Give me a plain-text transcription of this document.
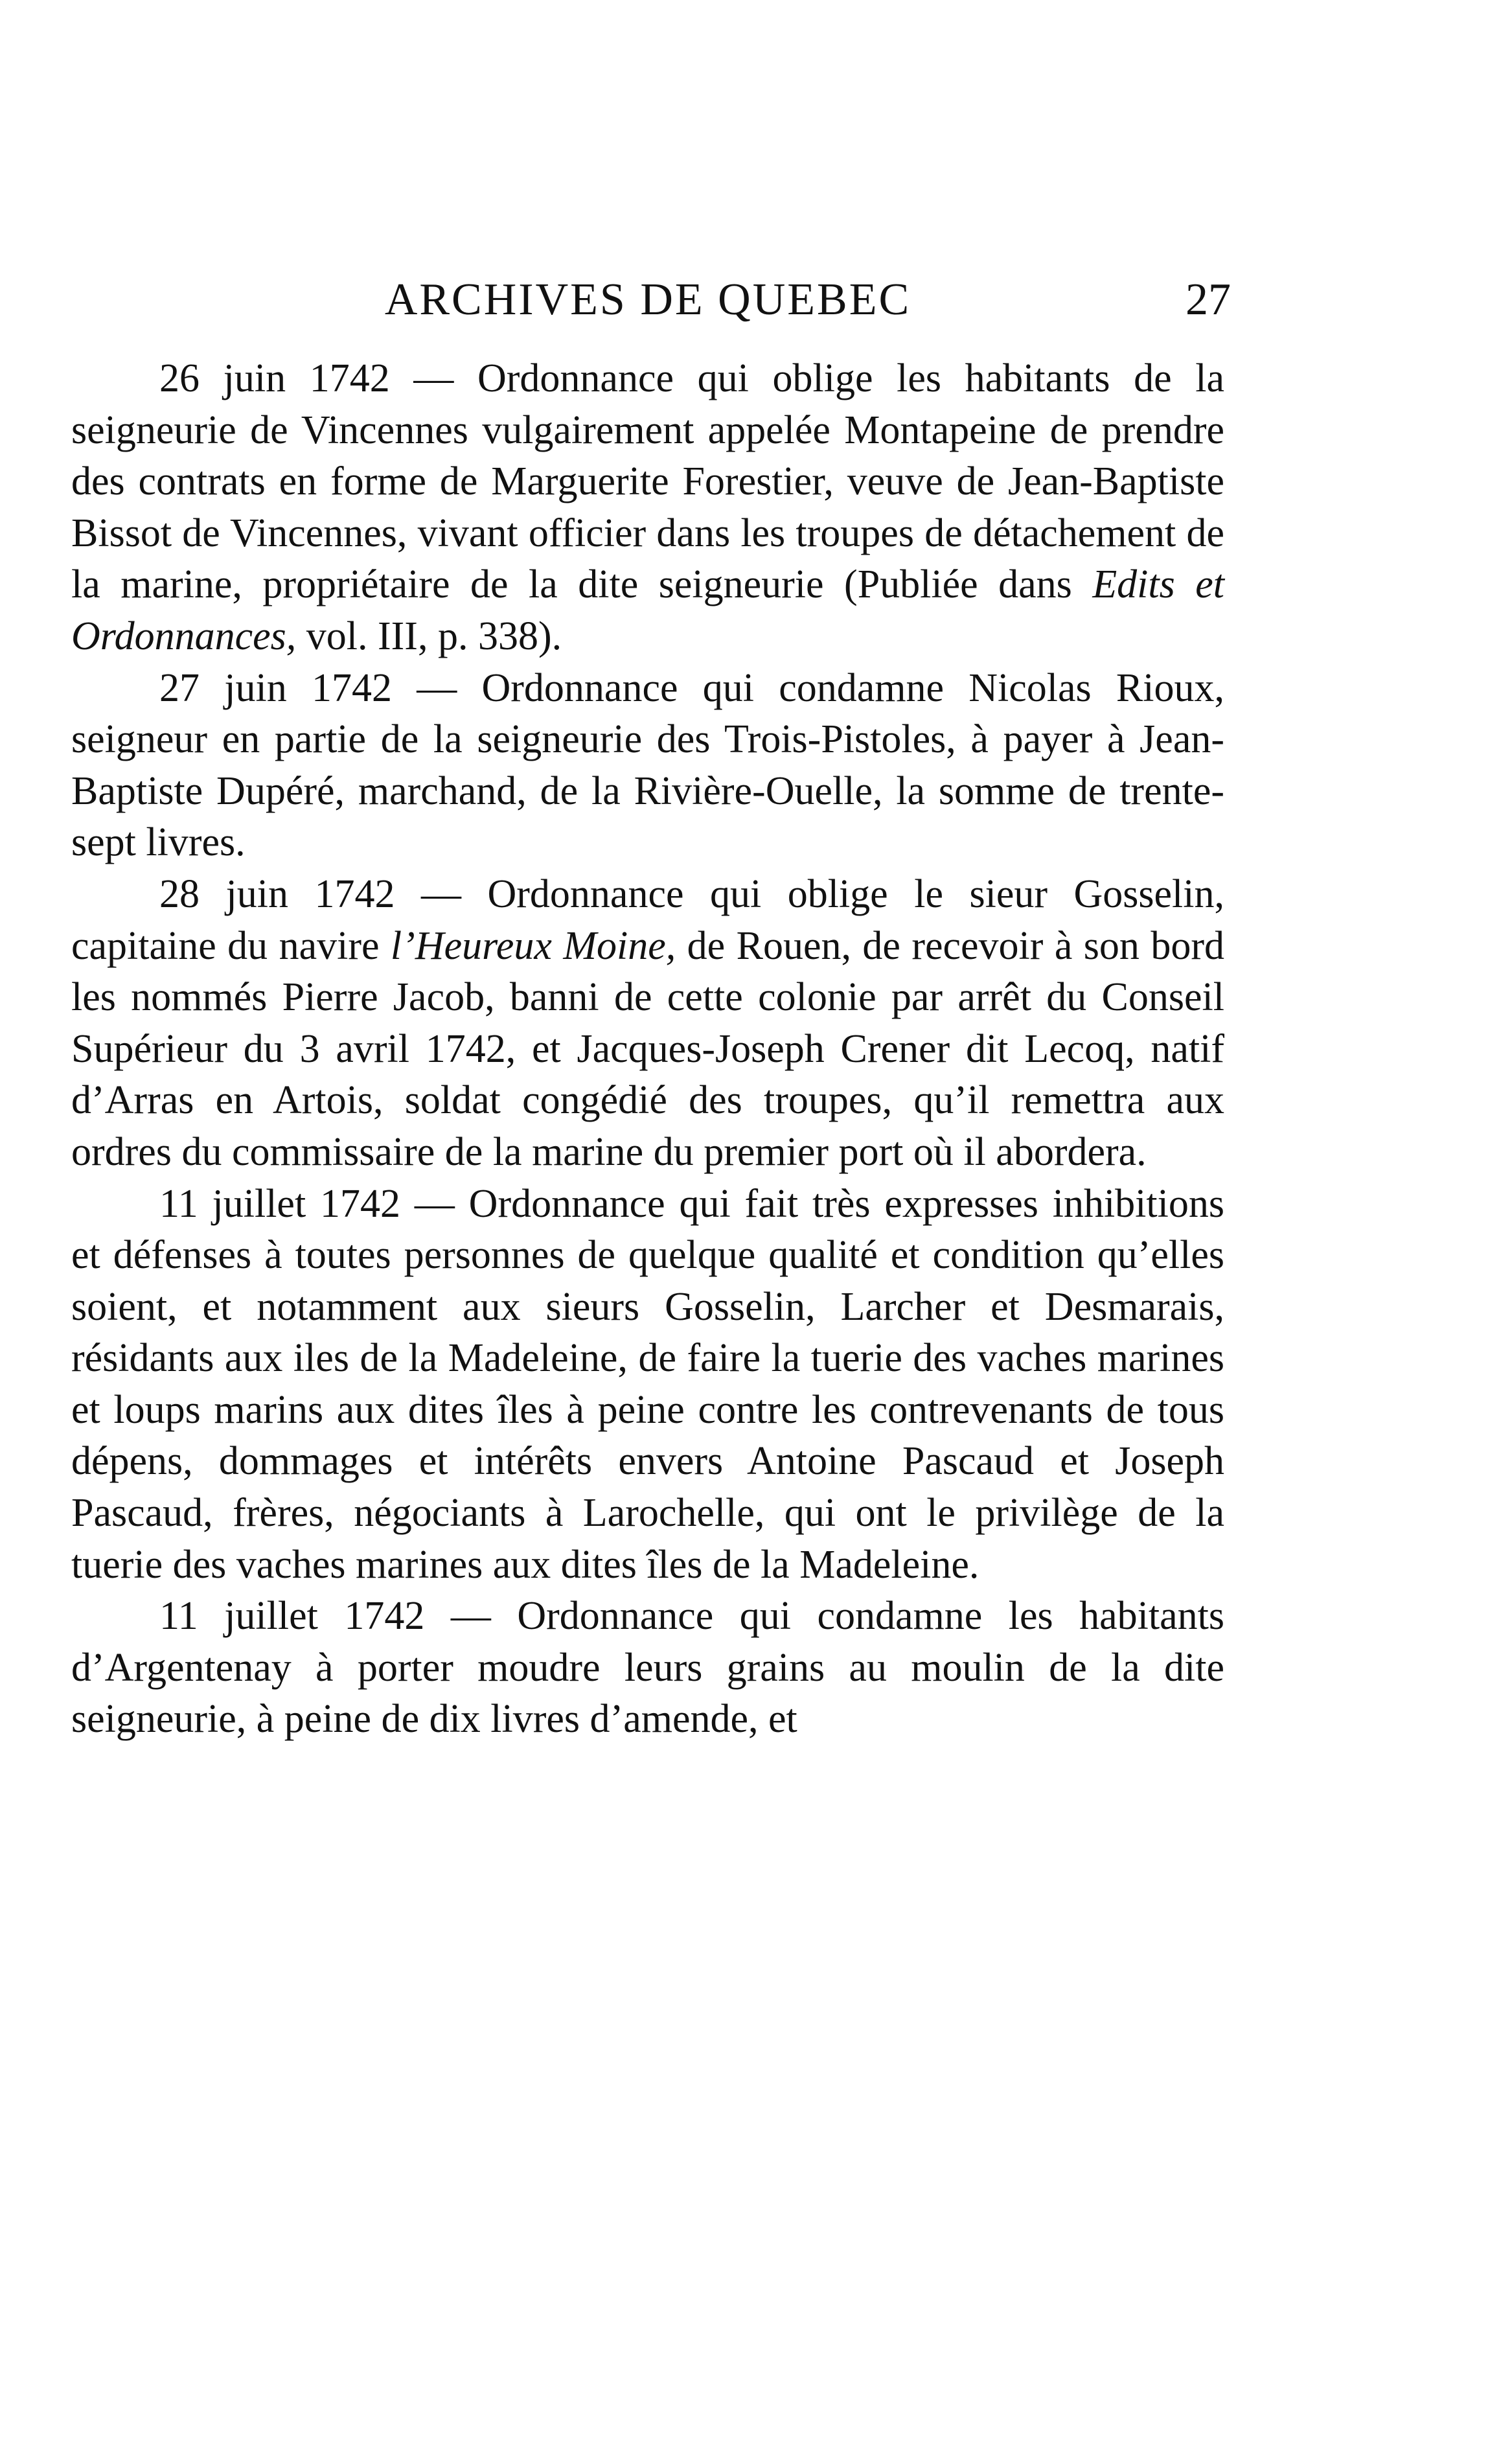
ARCHIVES DE QUEBEC	27

26 juin 1742 — Ordonnance qui oblige les habitants de la seigneurie de Vincennes vulgairement appelée Montapeine de prendre des contrats en forme de Marguerite Forestier, veuve de Jean-Baptiste Bissot de Vincennes, vivant officier dans les troupes de détachement de la marine, propriétaire de la dite seigneurie (Publiée dans Edits et Ordonnances, vol. III, p. 338).

27 juin 1742 — Ordonnance qui condamne Nicolas Rioux, seigneur en partie de la seigneurie des Trois-Pistoles, à payer à Jean-Baptiste Dupéré, marchand, de la Rivière-Ouelle, la somme de trente-sept livres.

28 juin 1742 — Ordonnance qui oblige le sieur Gosselin, capitaine du navire l’Heureux Moine, de Rouen, de recevoir à son bord les nommés Pierre Jacob, banni de cette colonie par arrêt du Conseil Supérieur du 3 avril 1742, et Jacques-Joseph Crener dit Lecoq, natif d’Arras en Artois, soldat congédié des troupes, qu’il remettra aux ordres du commissaire de la marine du premier port où il abordera.

11 juillet 1742 — Ordonnance qui fait très expresses inhibitions et défenses à toutes personnes de quelque qualité et condition qu’elles soient, et notamment aux sieurs Gosselin, Larcher et Desmarais, résidants aux iles de la Madeleine, de faire la tuerie des vaches marines et loups marins aux dites îles à peine contre les contrevenants de tous dépens, dommages et intérêts envers Antoine Pascaud et Joseph Pascaud, frères, négociants à Larochelle, qui ont le privilège de la tuerie des vaches marines aux dites îles de la Madeleine.

11 juillet 1742 — Ordonnance qui condamne les habitants d’Argentenay à porter moudre leurs grains au moulin de la dite seigneurie, à peine de dix livres d’amende, et
